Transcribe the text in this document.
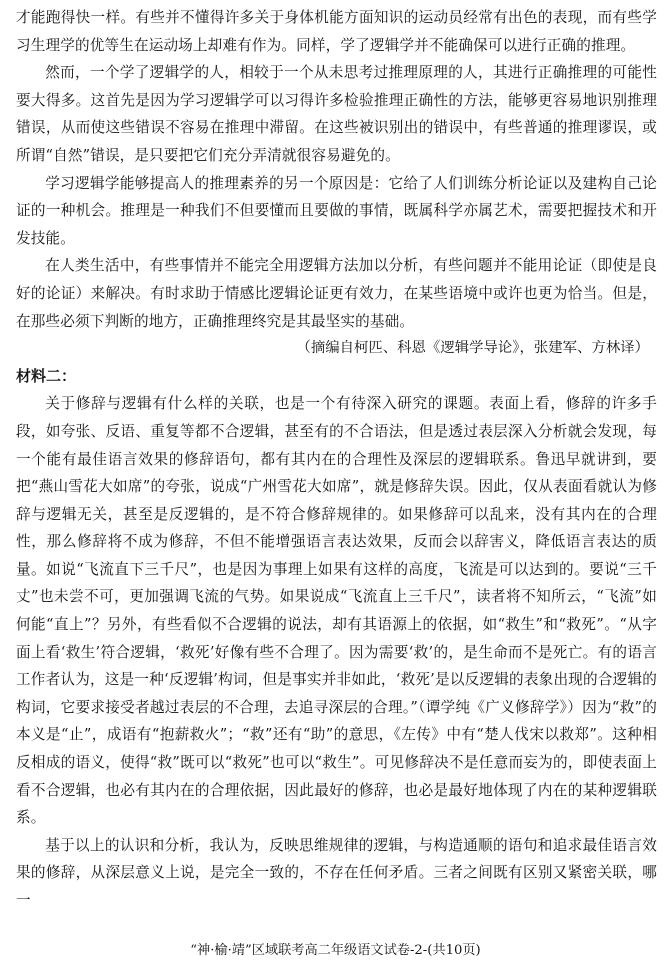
才能跑得快一样。有些并不懂得许多关于身体机能方面知识的运动员经常有出色的表现，而有些学习生理学的优等生在运动场上却难有作为。同样，学了逻辑学并不能确保可以进行正确的推理。

然而，一个学了逻辑学的人，相较于一个从未思考过推理原理的人，其进行正确推理的可能性要大得多。这首先是因为学习逻辑学可以习得许多检验推理正确性的方法，能够更容易地识别推理错误，从而使这些错误不容易在推理中滞留。在这些被识别出的错误中，有些普通的推理谬误，或所谓“自然”错误，是只要把它们充分弄清就很容易避免的。

学习逻辑学能够提高人的推理素养的另一个原因是：它给了人们训练分析论证以及建构自己论证的一种机会。推理是一种我们不但要懂而且要做的事情，既属科学亦属艺术，需要把握技术和开发技能。

在人类生活中，有些事情并不能完全用逻辑方法加以分析，有些问题并不能用论证（即使是良好的论证）来解决。有时求助于情感比逻辑论证更有效力，在某些语境中或许也更为恰当。但是，在那些必须下判断的地方，正确推理终究是其最坚实的基础。

（摘编自柯匹、科恩《逻辑学导论》，张建军、方林译）

材料二：

关于修辞与逻辑有什么样的关联，也是一个有待深入研究的课题。表面上看，修辞的许多手段，如夸张、反语、重复等都不合逻辑，甚至有的不合语法，但是透过表层深入分析就会发现，每一个能有最佳语言效果的修辞语句，都有其内在的合理性及深层的逻辑联系。鲁迅早就讲到，要把“燕山雪花大如席”的夸张，说成“广州雪花大如席”，就是修辞失误。因此，仅从表面看就认为修辞与逻辑无关，甚至是反逻辑的，是不符合修辞规律的。如果修辞可以乱来，没有其内在的合理性，那么修辞将不成为修辞，不但不能增强语言表达效果，反而会以辞害义，降低语言表达的质量。如说“飞流直下三千尺”，也是因为事理上如果有这样的高度，飞流是可以达到的。要说“三千丈”也未尝不可，更加强调飞流的气势。如果说成“飞流直上三千尺”，读者将不知所云，“飞流”如何能“直上”？另外，有些看似不合逻辑的说法，却有其语源上的依据，如“救生”和“救死”。“从字面上看‘救生’符合逻辑，‘救死’好像有些不合理了。因为需要‘救’的，是生命而不是死亡。有的语言工作者认为，这是一种‘反逻辑’构词，但是事实并非如此，‘救死’是以反逻辑的表象出现的合逻辑的构词，它要求接受者越过表层的不合理，去追寻深层的合理。”（谭学纯《广义修辞学》）因为“救”的本义是“止”，成语有“抱薪救火”；“救”还有“助”的意思，《左传》中有“楚人伐宋以救郑”。这种相反相成的语义，使得“救”既可以“救死”也可以“救生”。可见修辞决不是任意而妄为的，即使表面上看不合逻辑，也必有其内在的合理依据，因此最好的修辞，也必是最好地体现了内在的某种逻辑联系。

基于以上的认识和分析，我认为，反映思维规律的逻辑，与构造通顺的语句和追求最佳语言效果的修辞，从深层意义上说，是完全一致的，不存在任何矛盾。三者之间既有区别又紧密关联，哪一

“神·榆·靖”区域联考高二年级语文试卷-2-(共10页)
